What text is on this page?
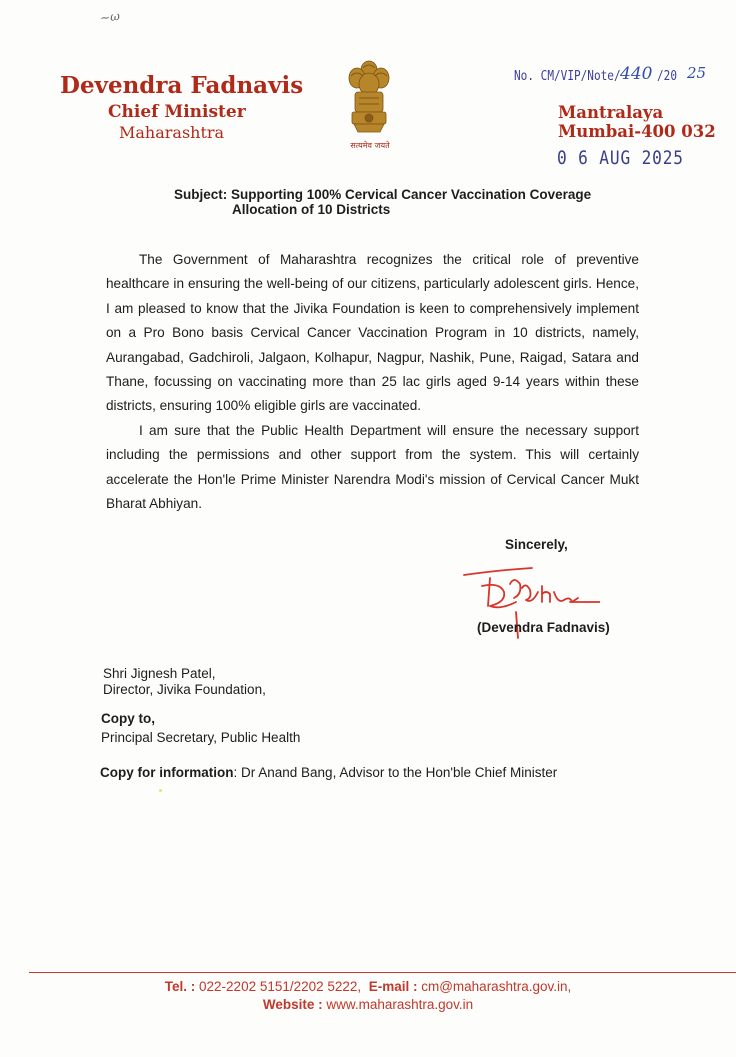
~ω
Devendra Fadnavis
Chief Minister
Maharashtra
सत्यमेव जयते
No. CM/VIP/Note/ 440 /20 25
Mantralaya
Mumbai-400 032
0 6 AUG 2025
Subject: Supporting 100% Cervical Cancer Vaccination Coverage
Allocation of 10 Districts

The Government of Maharashtra recognizes the critical role of preventive healthcare in ensuring the well-being of our citizens, particularly adolescent girls. Hence, I am pleased to know that the Jivika Foundation is keen to comprehensively implement on a Pro Bono basis Cervical Cancer Vaccination Program in 10 districts, namely, Aurangabad, Gadchiroli, Jalgaon, Kolhapur, Nagpur, Nashik, Pune, Raigad, Satara and Thane, focussing on vaccinating more than 25 lac girls aged 9-14 years within these districts, ensuring 100% eligible girls are vaccinated.

I am sure that the Public Health Department will ensure the necessary support including the permissions and other support from the system. This will certainly accelerate the Hon'le Prime Minister Narendra Modi's mission of Cervical Cancer Mukt Bharat Abhiyan.

Sincerely,
(Devendra Fadnavis)
Shri Jignesh Patel,
Director, Jivika Foundation,
Copy to,
Principal Secretary, Public Health
Copy for information: Dr Anand Bang, Advisor to the Hon'ble Chief Minister
Tel. : 022-2202 5151/2202 5222, E-mail : cm@maharashtra.gov.in,
Website : www.maharashtra.gov.in
